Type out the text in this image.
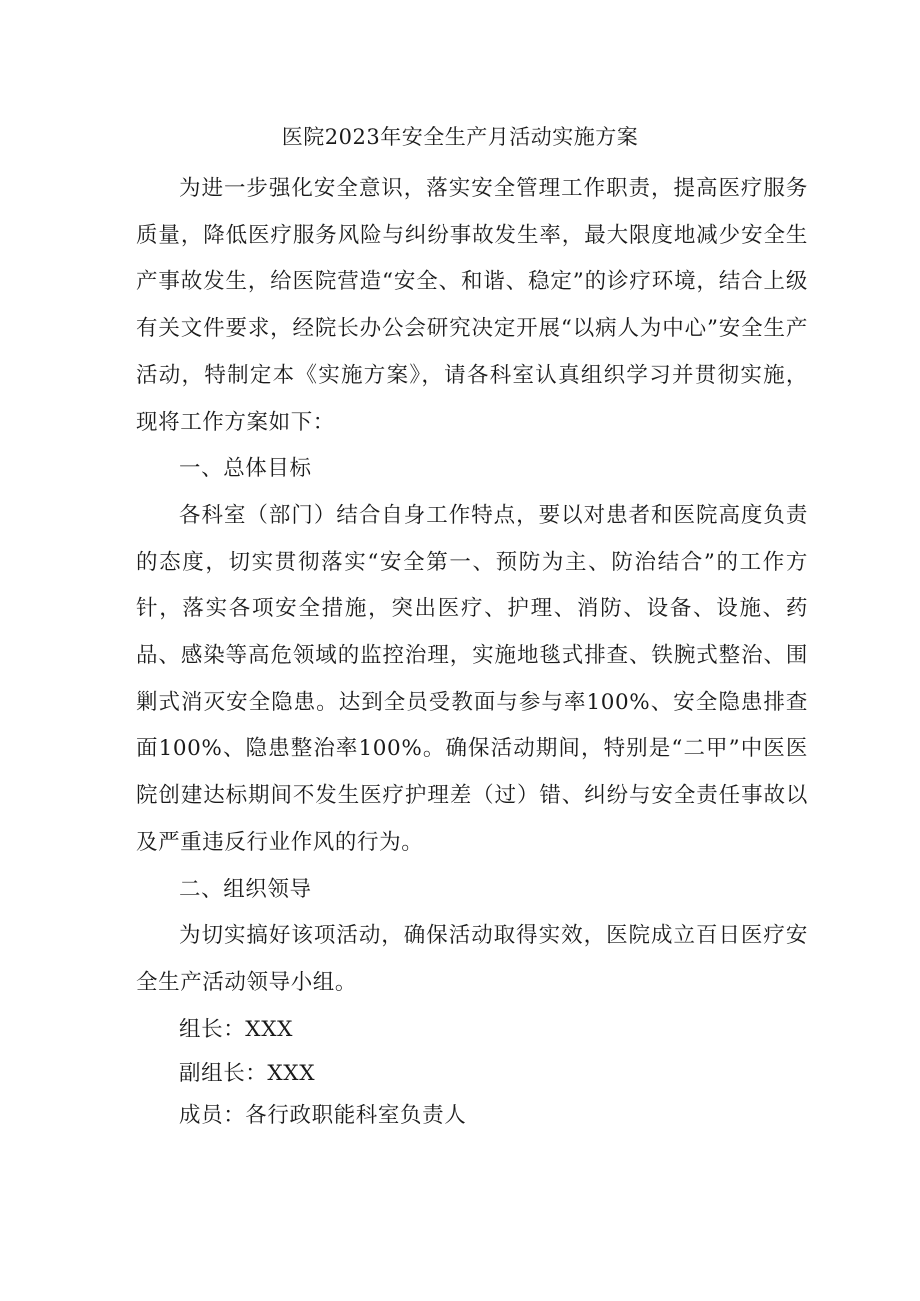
医院2023年安全生产月活动实施方案

为进一步强化安全意识，落实安全管理工作职责，提高医疗服务质量，降低医疗服务风险与纠纷事故发生率，最大限度地减少安全生产事故发生，给医院营造“安全、和谐、稳定”的诊疗环境，结合上级有关文件要求，经院长办公会研究决定开展“以病人为中心”安全生产活动，特制定本《实施方案》，请各科室认真组织学习并贯彻实施，现将工作方案如下：

一、总体目标

各科室（部门）结合自身工作特点，要以对患者和医院高度负责的态度，切实贯彻落实“安全第一、预防为主、防治结合”的工作方针，落实各项安全措施，突出医疗、护理、消防、设备、设施、药品、感染等高危领域的监控治理，实施地毯式排查、铁腕式整治、围剿式消灭安全隐患。达到全员受教面与参与率100%、安全隐患排查面100%、隐患整治率100%。确保活动期间，特别是“二甲”中医医院创建达标期间不发生医疗护理差（过）错、纠纷与安全责任事故以及严重违反行业作风的行为。

二、组织领导

为切实搞好该项活动，确保活动取得实效，医院成立百日医疗安全生产活动领导小组。

组长：XXX

副组长：XXX

成员：各行政职能科室负责人
